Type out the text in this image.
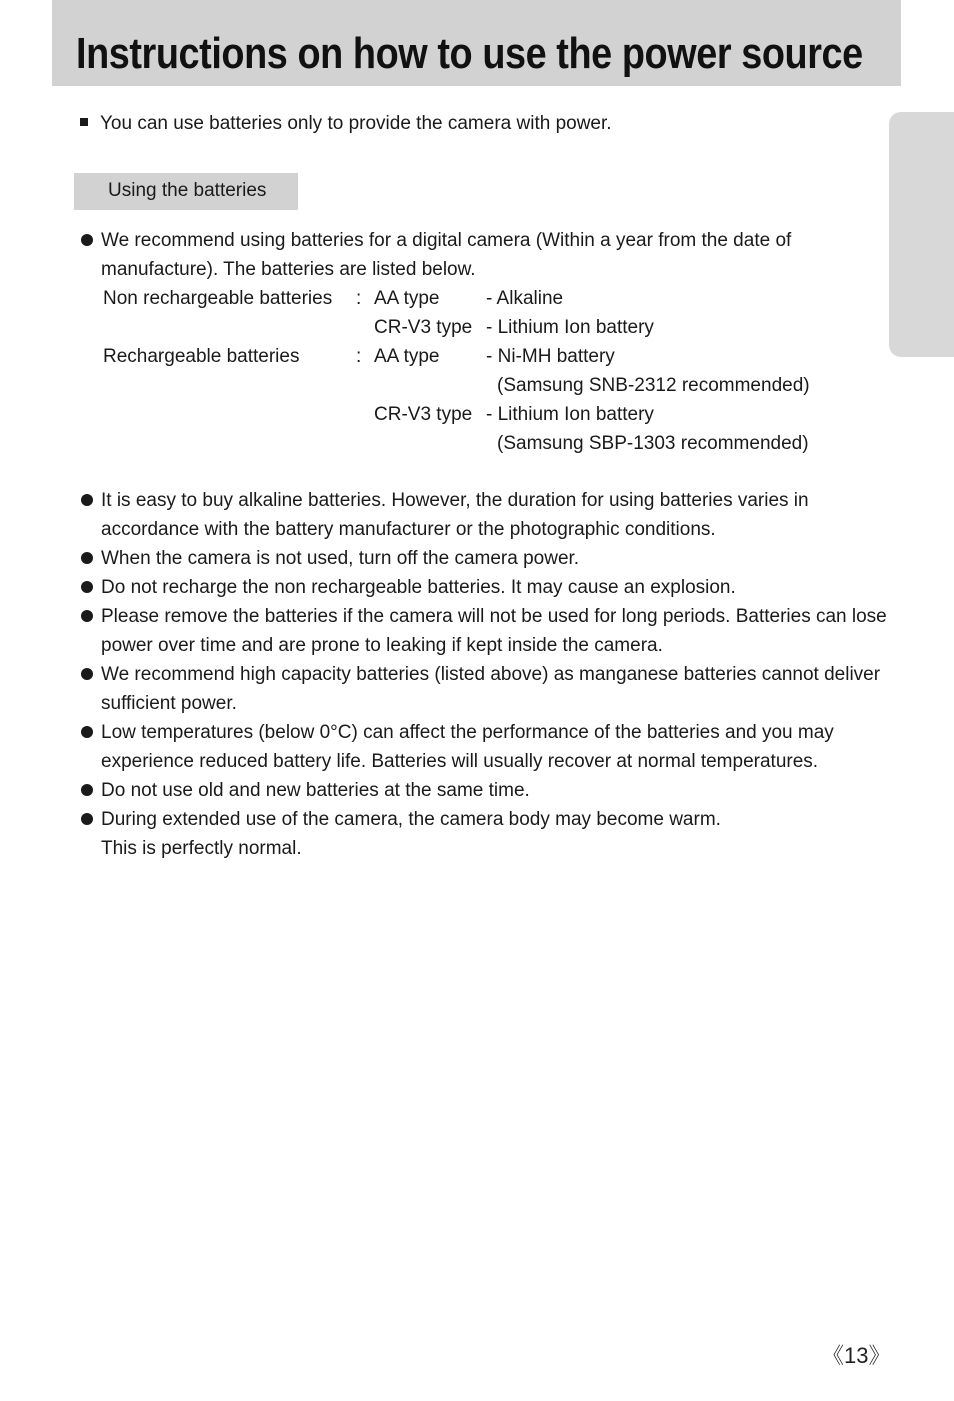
Instructions on how to use the power source
You can use batteries only to provide the camera with power.
Using the batteries
We recommend using batteries for a digital camera (Within a year from the date of
manufacture). The batteries are listed below.
Non rechargeable batteries : AA type - Alkaline
CR-V3 type - Lithium Ion battery
Rechargeable batteries	: AA type - Ni-MH battery
(Samsung SNB-2312 recommended)
CR-V3 type - Lithium Ion battery
(Samsung SBP-1303 recommended)
It is easy to buy alkaline batteries. However, the duration for using batteries varies in
accordance with the battery manufacturer or the photographic conditions.
When the camera is not used, turn off the camera power.
Do not recharge the non rechargeable batteries. It may cause an explosion.
Please remove the batteries if the camera will not be used for long periods. Batteries can lose
power over time and are prone to leaking if kept inside the camera.
We recommend high capacity batteries (listed above) as manganese batteries cannot deliver
sufficient power.
Low temperatures (below 0°C) can affect the performance of the batteries and you may
experience reduced battery life. Batteries will usually recover at normal temperatures.
Do not use old and new batteries at the same time.
During extended use of the camera, the camera body may become warm.
This is perfectly normal.
《13》
